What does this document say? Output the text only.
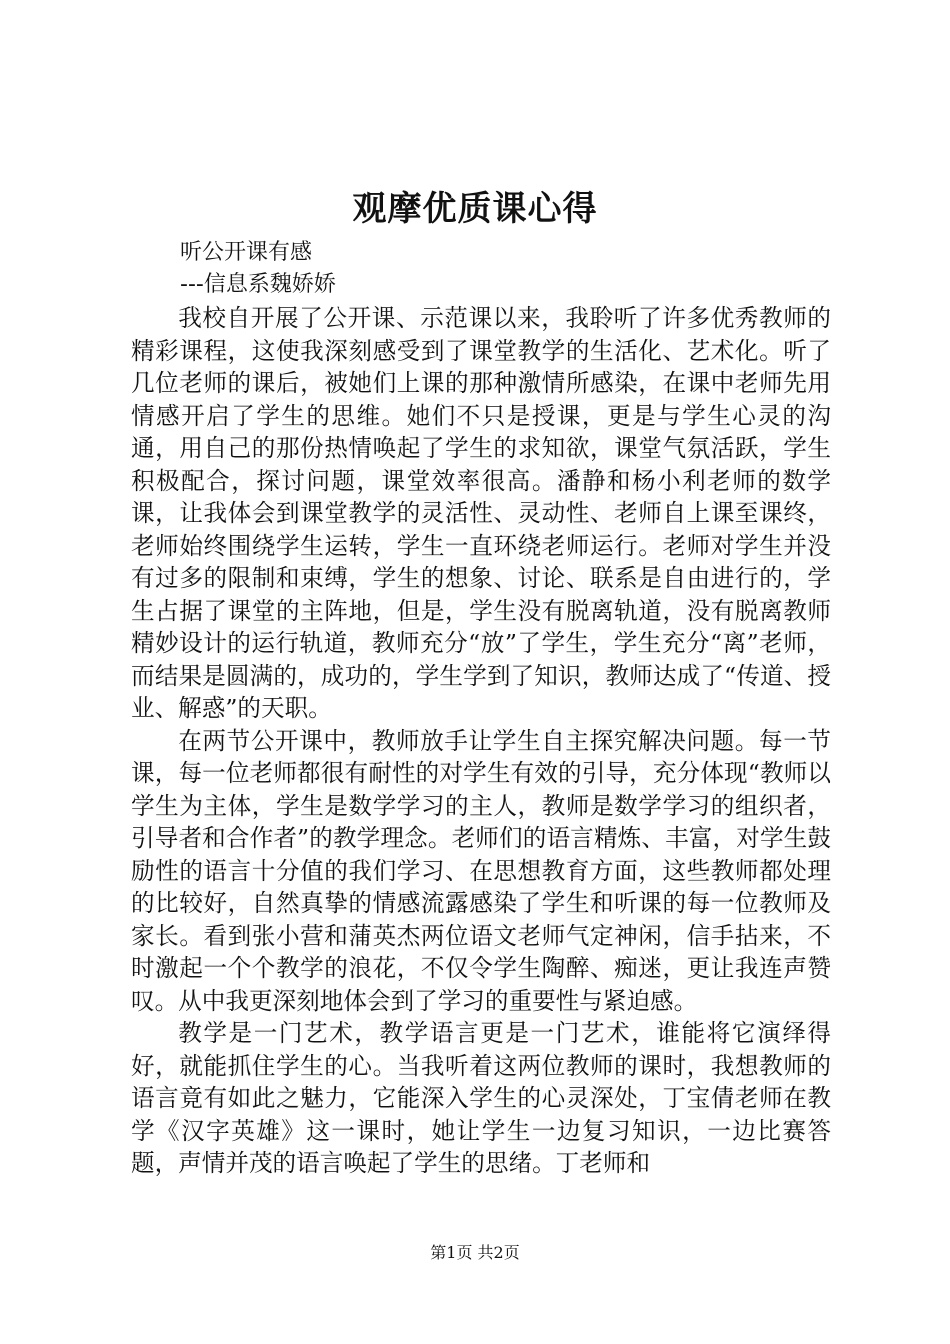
观摩优质课心得
听公开课有感
---信息系魏娇娇

我校自开展了公开课、示范课以来，我聆听了许多优秀教师的精彩课程，这使我深刻感受到了课堂教学的生活化、艺术化。听了几位老师的课后，被她们上课的那种激情所感染，在课中老师先用情感开启了学生的思维。她们不只是授课，更是与学生心灵的沟通，用自己的那份热情唤起了学生的求知欲，课堂气氛活跃，学生积极配合，探讨问题，课堂效率很高。潘静和杨小利老师的数学课，让我体会到课堂教学的灵活性、灵动性、老师自上课至课终，老师始终围绕学生运转，学生一直环绕老师运行。老师对学生并没有过多的限制和束缚，学生的想象、讨论、联系是自由进行的，学生占据了课堂的主阵地，但是，学生没有脱离轨道，没有脱离教师精妙设计的运行轨道，教师充分“放”了学生，学生充分“离”老师，而结果是圆满的，成功的，学生学到了知识，教师达成了“传道、授业、解惑”的天职。

在两节公开课中，教师放手让学生自主探究解决问题。每一节课，每一位老师都很有耐性的对学生有效的引导，充分体现“教师以学生为主体，学生是数学学习的主人，教师是数学学习的组织者，引导者和合作者”的教学理念。老师们的语言精炼、丰富，对学生鼓励性的语言十分值的我们学习、在思想教育方面，这些教师都处理的比较好，自然真挚的情感流露感染了学生和听课的每一位教师及家长。看到张小营和蒲英杰两位语文老师气定神闲，信手拈来，不时激起一个个教学的浪花，不仅令学生陶醉、痴迷，更让我连声赞叹。从中我更深刻地体会到了学习的重要性与紧迫感。

教学是一门艺术，教学语言更是一门艺术，谁能将它演绎得好，就能抓住学生的心。当我听着这两位教师的课时，我想教师的语言竟有如此之魅力，它能深入学生的心灵深处，丁宝倩老师在教学《汉字英雄》这一课时，她让学生一边复习知识，一边比赛答题，声情并茂的语言唤起了学生的思绪。丁老师和

第1页 共2页
